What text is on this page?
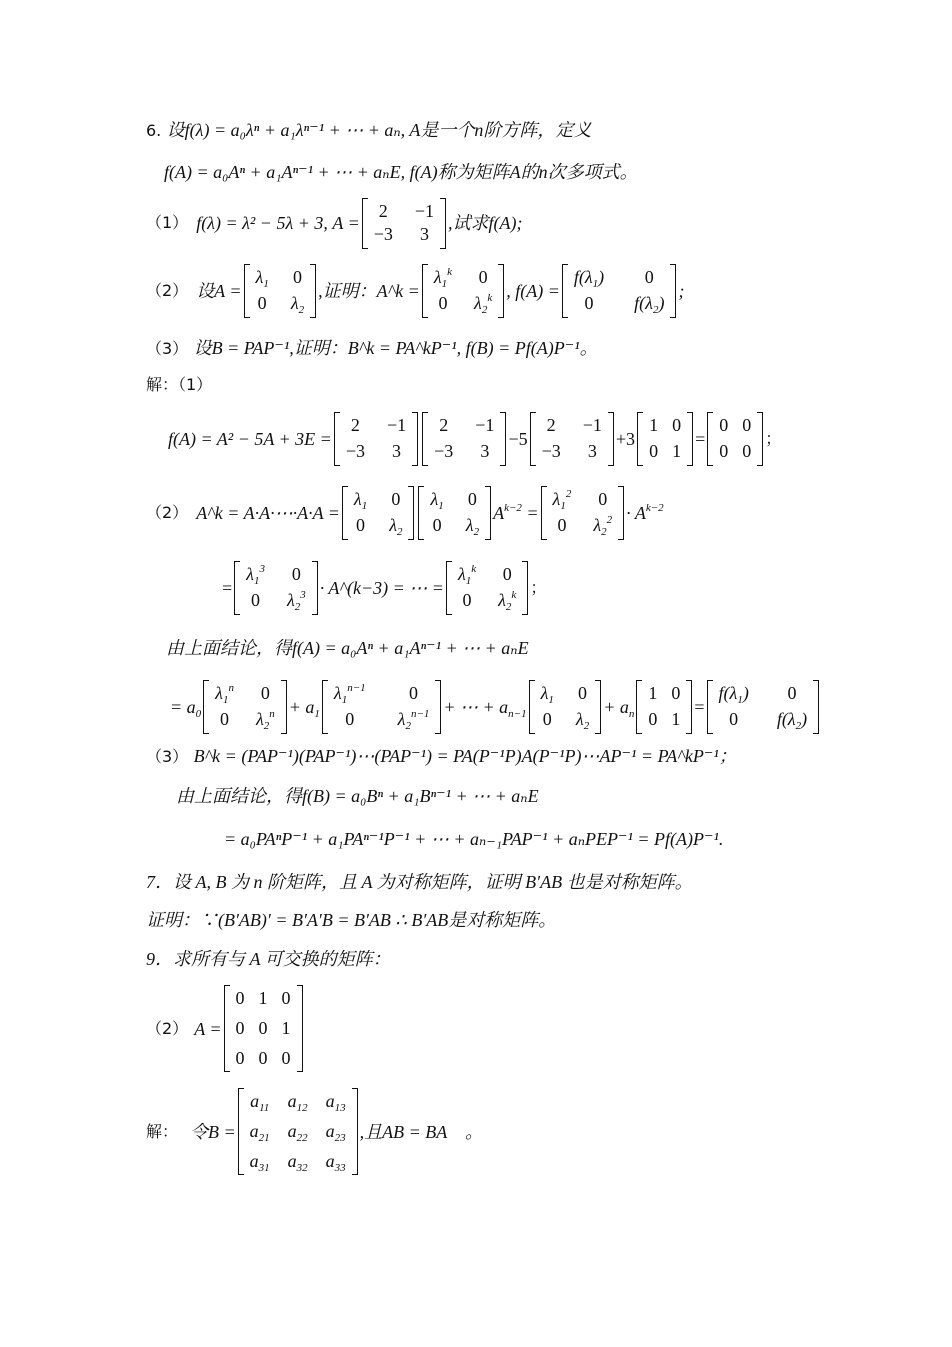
6. 设f(λ) = a₀λⁿ + a₁λⁿ⁻¹ + ⋯ + aₙ, A是一个n阶方阵，定义
f(A) = a₀Aⁿ + a₁Aⁿ⁻¹ + ⋯ + aₙE, f(A)称为矩阵A的n次多项式。
（1） f(λ) = λ² − 5λ + 3, A =
2 −1
−3 3
,试求f(A);
（2） 设A =
$\lambda_1$ 0
0 $\lambda_2$
,证明：A^k =
$\lambda_1^k$ 0
0 $\lambda_2^k$ , f(A) =
$f(\lambda_1)$ 0
0 $f(\lambda_2)$
;
（3） 设B = PAP⁻¹,证明：B^k = PA^kP⁻¹, f(B) = Pf(A)P⁻¹。
解：（1）
f(A) = A² − 5A + 3E =
2 −1
−3 3
2 −1
−3 3
−5
2 −1
−3 3
+3
1 0
0 1
=
0 0
0 0
；
（2） A^k = A·A·⋯·A·A =
$\lambda_1$ 0
0 $\lambda_2$
$\lambda_1$ 0
0 $\lambda_2$
$A^{k-2}$ =
$\lambda_1^2$ 0
0 $\lambda_2^2 \cdot A^{k-2}$
=
$\lambda_1^3$ 0
0 $\lambda_2^3$ · A^(k−3) = ⋯ =
$\lambda_1^k$ 0
0 $\lambda_2^k$ ；
由上面结论，得f(A) = a₀Aⁿ + a₁Aⁿ⁻¹ + ⋯ + aₙE
= $a_0$
$\lambda_1^n$ 0
0 $\lambda_2^n + a_1$
$\lambda_1^{n-1}$ 0
0 $\lambda_2^{n-1}$ + ⋯ + $a_{n-1}$
$\lambda_1$ 0
0 $\lambda_2$
+ $a_n$
1 0
0 1
=
$f(\lambda_1)$ 0
0 $f(\lambda_2)$
（3） B^k = (PAP⁻¹)(PAP⁻¹)⋯(PAP⁻¹) = PA(P⁻¹P)A(P⁻¹P)⋯AP⁻¹ = PA^kP⁻¹；
由上面结论，得f(B) = a₀Bⁿ + a₁Bⁿ⁻¹ + ⋯ + aₙE
= a₀PAⁿP⁻¹ + a₁PAⁿ⁻¹P⁻¹ + ⋯ + aₙ₋₁PAP⁻¹ + aₙPEP⁻¹ = Pf(A)P⁻¹.
7．设 A, B 为 n 阶矩阵，且 A 为对称矩阵，证明 B′AB 也是对称矩阵。
证明：∵(B′AB)′ = B′A′B = B′AB ∴ B′AB是对称矩阵。
9．求所有与 A 可交换的矩阵：
（2） A =
0 1 0
0 0 1
0 0 0
解： 令B =
$a_{11}$ $a_{12}$ $a_{13}$
$a_{21}$ $a_{22}$ $a_{23}$
$a_{31}$ $a_{32}$ $a_{33}$
,且AB = BA　。
